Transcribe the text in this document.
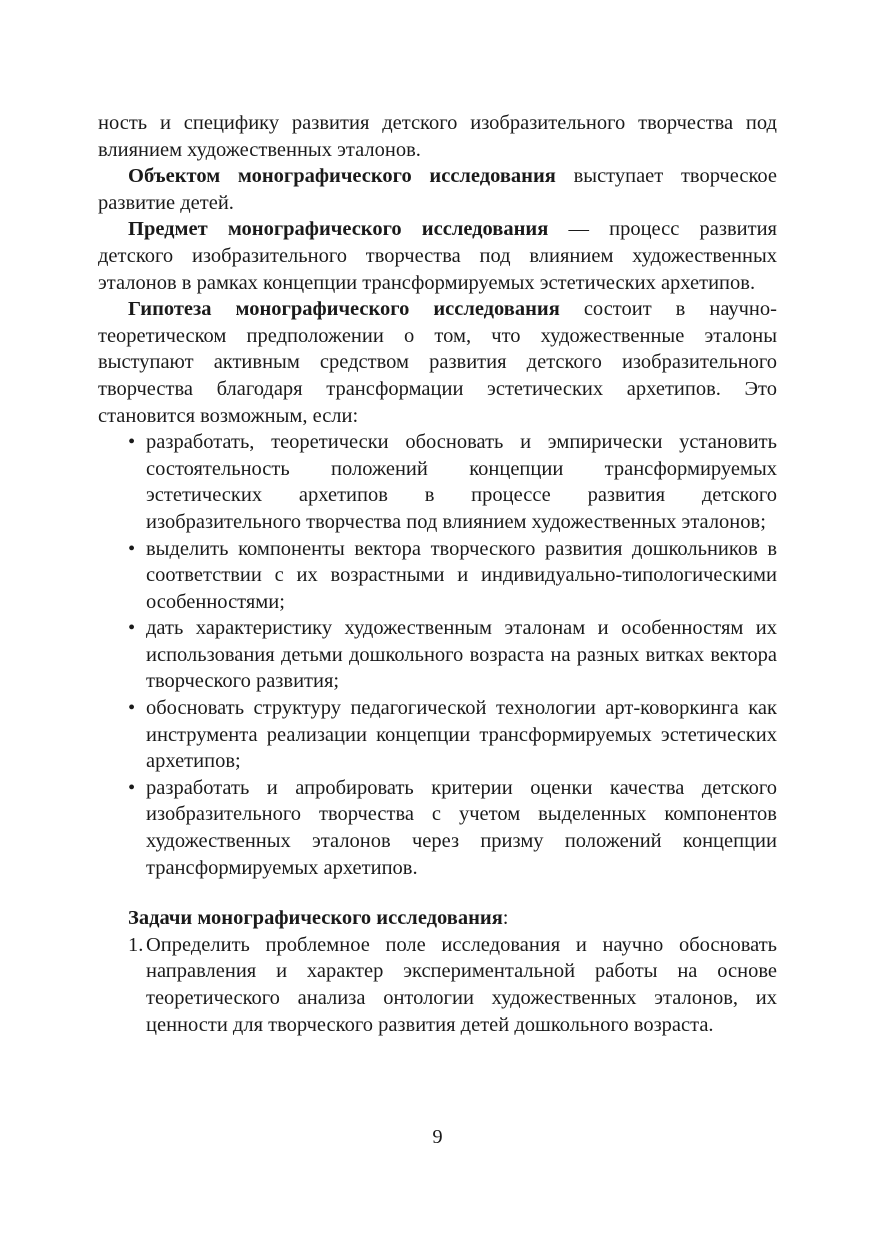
ность и специфику развития детского изобразительного творчества под влиянием художественных эталонов.

Объектом монографического исследования выступает творческое развитие детей.

Предмет монографического исследования — процесс развития детского изобразительного творчества под влиянием художественных эталонов в рамках концепции трансформируемых эстетических архетипов.

Гипотеза монографического исследования состоит в научно-теоретическом предположении о том, что художественные эталоны выступают активным средством развития детского изобразительного творчества благодаря трансформации эстетических архетипов. Это становится возможным, если:

• разработать, теоретически обосновать и эмпирически установить состоятельность положений концепции трансформируемых эстетических архетипов в процессе развития детского изобразительного творчества под влиянием художественных эталонов;
• выделить компоненты вектора творческого развития дошкольников в соответствии с их возрастными и индивидуально-типологическими особенностями;
• дать характеристику художественным эталонам и особенностям их использования детьми дошкольного возраста на разных витках вектора творческого развития;
• обосновать структуру педагогической технологии арт-коворкинга как инструмента реализации концепции трансформируемых эстетических архетипов;
• разработать и апробировать критерии оценки качества детского изобразительного творчества с учетом выделенных компонентов художественных эталонов через призму положений концепции трансформируемых архетипов.

Задачи монографического исследования:

1. Определить проблемное поле исследования и научно обосновать направления и характер экспериментальной работы на основе теоретического анализа онтологии художественных эталонов, их ценности для творческого развития детей дошкольного возраста.
9
